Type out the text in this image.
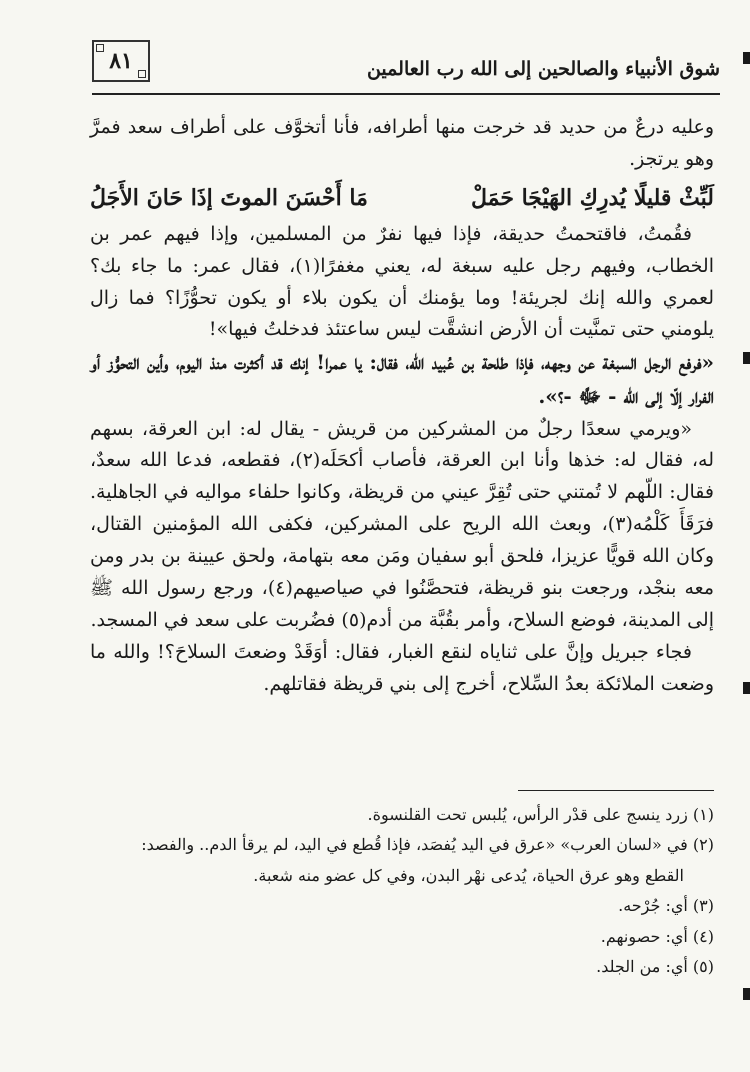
شوق الأنبياء والصالحين إلى الله رب العالمين
٨١

وعليه درعٌ من حديد قد خرجت منها أطرافه، فأنا أتخوَّف على أطراف سعد فمرَّ وهو يرتجز.

لَبِّثْ قليلًا يُدرِكِ الهَيْجَا حَمَلْ
مَا أَحْسَنَ الموتَ إذَا حَانَ الأَجَلُ

فقُمتُ، فاقتحمتُ حديقة، فإذا فيها نفرٌ من المسلمين، وإذا فيهم عمر بن الخطاب، وفيهم رجل عليه سبغة له، يعني مغفرًا(١)، فقال عمر: ما جاء بك؟ لعمري والله إنك لجريئة! وما يؤمنك أن يكون بلاء أو يكون تحوُّزًا؟ فما زال يلومني حتى تمنَّيت أن الأرض انشقَّت ليس ساعتئذ فدخلتُ فيها»!

«فرفع الرجل السبغة عن وجهه، فإذا طلحة بن عُبيد الله، فقال: يا عمرا! إنك قد أكثرت منذ اليوم، وأين التحوُّز أو الفرار إلّا إلى الله - ﷻ -؟».

«ويرمي سعدًا رجلٌ من المشركين من قريش - يقال له: ابن العرقة، بسهم له، فقال له: خذها وأنا ابن العرقة، فأصاب أكحَلَه(٢)، فقطعه، فدعا الله سعدٌ، فقال: اللّهم لا تُمتني حتى تُقِرَّ عيني من قريظة، وكانوا حلفاء مواليه في الجاهلية. فرَقَأَ كَلْمُه(٣)، وبعث الله الريح على المشركين، فكفى الله المؤمنين القتال، وكان الله قويًّا عزيزا، فلحق أبو سفيان ومَن معه بتهامة، ولحق عيينة بن بدر ومن معه بنجْد، ورجعت بنو قريظة، فتحصَّنُوا في صياصيهم(٤)، ورجع رسول الله ﷺ إلى المدينة، فوضع السلاح، وأمر بقُبَّة من أدم(٥) فضُربت على سعد في المسجد.

فجاء جبريل وإنَّ على ثناياه لنقع الغبار، فقال: أوَقَدْ وضعتَ السلاحَ؟! والله ما وضعت الملائكة بعدُ السِّلاح، أخرج إلى بني قريظة فقاتلهم.

(١) زرد ينسج على قدْر الرأس، يُلبس تحت القلنسوة.

(٢) في «لسان العرب» «عرق في اليد يُفصَد، فإذا قُطع في اليد، لم يرقأ الدم.. والفصد:

القطع وهو عرق الحياة، يُدعى نهْر البدن، وفي كل عضو منه شعبة.

(٣) أي: جُرْحه.

(٤) أي: حصونهم.

(٥) أي: من الجلد.
